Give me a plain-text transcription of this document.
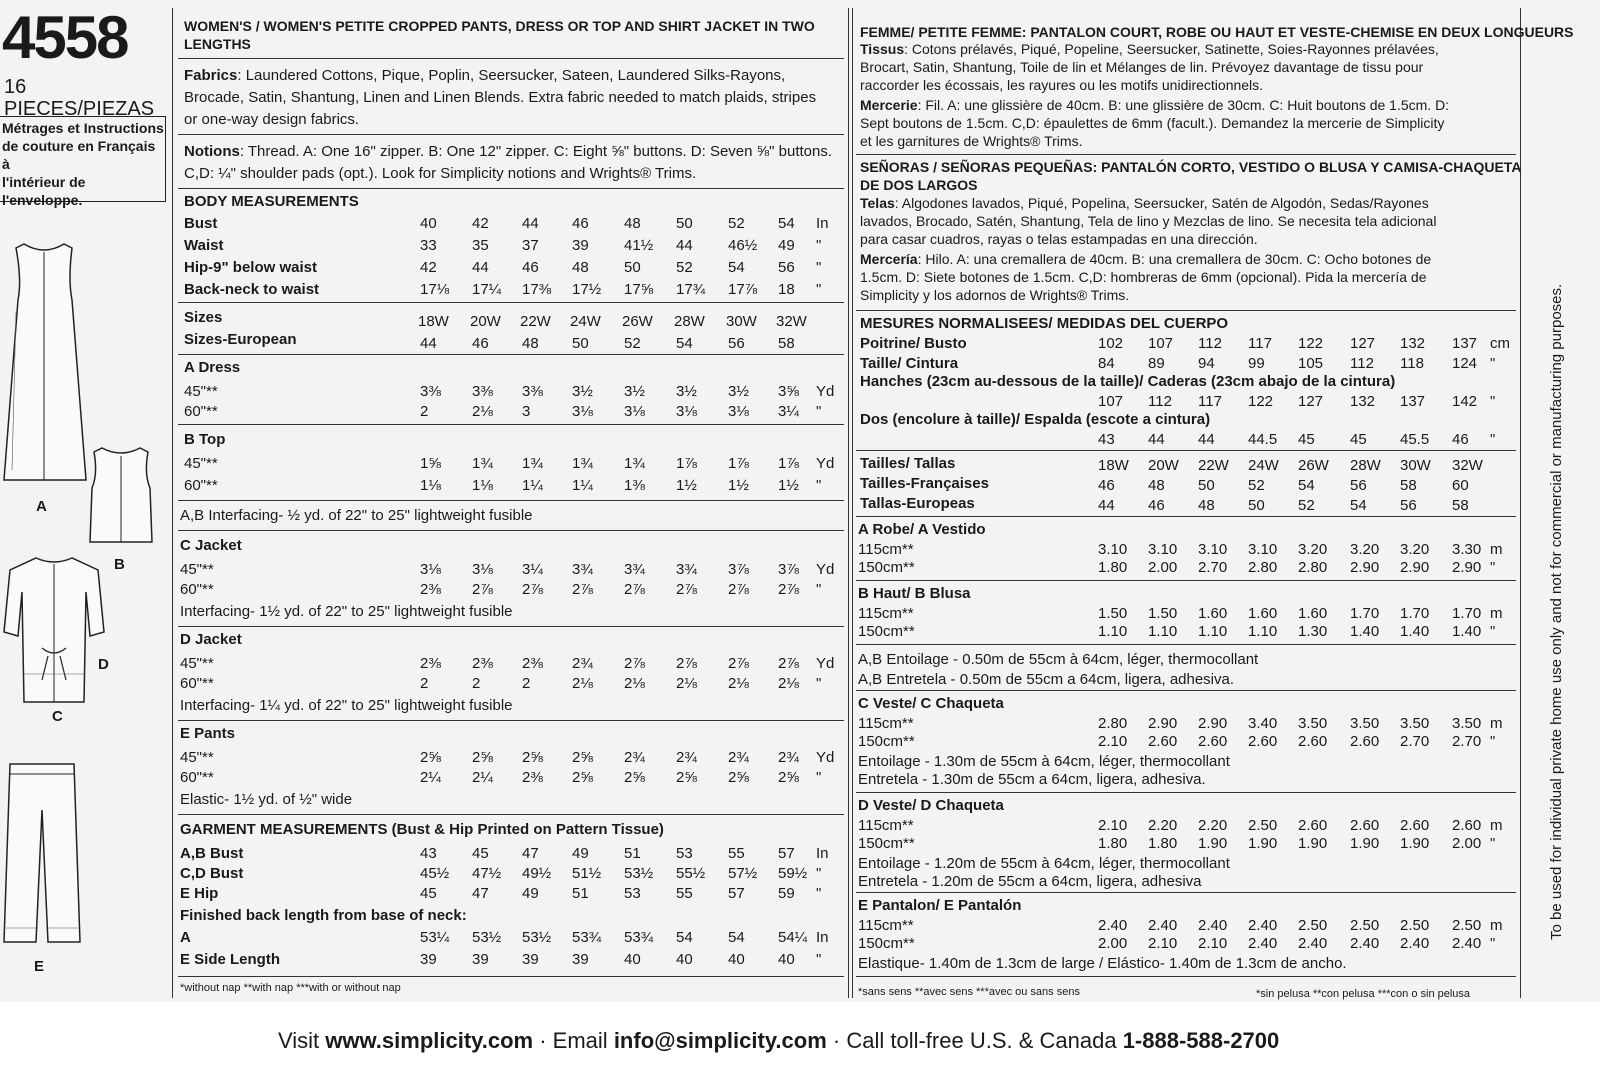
4558
16 PIECES/PIEZAS
Métrages et Instructions
de couture en Français à
l'intérieur de
l'enveloppe.
A
B
D
C
E
WOMEN'S / WOMEN'S PETITE CROPPED PANTS, DRESS OR TOP AND SHIRT JACKET IN TWO
LENGTHS
Fabrics: Laundered Cottons, Pique, Poplin, Seersucker, Sateen, Laundered Silks-Rayons,
Brocade, Satin, Shantung, Linen and Linen Blends. Extra fabric needed to match plaids, stripes
or one-way design fabrics.
Notions: Thread. A: One 16" zipper. B: One 12" zipper. C: Eight ⅝" buttons. D: Seven ⅝" buttons.
C,D: ¼" shoulder pads (opt.). Look for Simplicity notions and Wrights® Trims.
BODY MEASUREMENTS
Bust	40 42 44 46 48 50 52 54 In
Waist	33 35 37 39 41½ 44 46½ 49 "
Hip-9" below waist	42 44 46 48 50 52 54 56 "
Back-neck to waist	17⅛ 17¼ 17⅜ 17½ 17⅝ 17¾ 17⅞ 18 "
Sizes	18W 20W 22W 24W 26W 28W 30W 32W
Sizes-European	44 46 48 50 52 54 56 58
A Dress
45"**	3⅜ 3⅜ 3⅜ 3½ 3½ 3½ 3½ 3⅝ Yd
60"**	2	2⅛ 3	3⅛ 3⅛ 3⅛ 3⅛ 3¼ "
B Top
45"**	1⅝ 1¾ 1¾ 1¾ 1¾ 1⅞ 1⅞ 1⅞ Yd
60"**	1⅛ 1⅛ 1¼ 1¼ 1⅜ 1½ 1½ 1½ "
A,B Interfacing- ½ yd. of 22" to 25" lightweight fusible
C Jacket
45"**	3⅛ 3⅛ 3¼ 3¾ 3¾ 3¾ 3⅞ 3⅞ Yd
60"**	2⅜ 2⅞ 2⅞ 2⅞ 2⅞ 2⅞ 2⅞ 2⅞ "
Interfacing- 1½ yd. of 22" to 25" lightweight fusible
D Jacket
45"**	2⅜ 2⅜ 2⅜ 2¾ 2⅞ 2⅞ 2⅞ 2⅞ Yd
60"**	2	2	2	2⅛ 2⅛ 2⅛ 2⅛ 2⅛ "
Interfacing- 1¼ yd. of 22" to 25" lightweight fusible
E Pants
45"**	2⅝ 2⅝ 2⅝ 2⅝ 2¾ 2¾ 2¾ 2¾ Yd
60"**	2¼ 2¼ 2⅜ 2⅝ 2⅝ 2⅝ 2⅝ 2⅝ "
Elastic- 1½ yd. of ½" wide
GARMENT MEASUREMENTS (Bust & Hip Printed on Pattern Tissue)
A,B Bust	43 45 47 49 51 53 55 57 In
C,D Bust	45½ 47½ 49½ 51½ 53½ 55½ 57½ 59½ "
E Hip	45 47 49 51 53 55 57 59 "
Finished back length from base of neck:
A	53¼ 53½ 53½ 53¾ 53¾ 54 54 54¼ In
E Side Length	39 39 39 39 40 40 40 40 "
*without nap **with nap ***with or without nap
FEMME/ PETITE FEMME: PANTALON COURT, ROBE OU HAUT ET VESTE-CHEMISE EN DEUX LONGUEURS
Tissus: Cotons prélavés, Piqué, Popeline, Seersucker, Satinette, Soies-Rayonnes prélavées,
Brocart, Satin, Shantung, Toile de lin et Mélanges de lin. Prévoyez davantage de tissu pour
raccorder les écossais, les rayures ou les motifs unidirectionnels.
Mercerie: Fil. A: une glissière de 40cm. B: une glissière de 30cm. C: Huit boutons de 1.5cm. D:
Sept boutons de 1.5cm. C,D: épaulettes de 6mm (facult.). Demandez la mercerie de Simplicity
et les garnitures de Wrights® Trims.
SEÑORAS / SEÑORAS PEQUEÑAS: PANTALÓN CORTO, VESTIDO O BLUSA Y CAMISA-CHAQUETA
DE DOS LARGOS
Telas: Algodones lavados, Piqué, Popelina, Seersucker, Satén de Algodón, Sedas/Rayones
lavados, Brocado, Satén, Shantung, Tela de lino y Mezclas de lino. Se necesita tela adicional
para casar cuadros, rayas o telas estampadas en una dirección.
Mercería: Hilo. A: una cremallera de 40cm. B: una cremallera de 30cm. C: Ocho botones de
1.5cm. D: Siete botones de 1.5cm. C,D: hombreras de 6mm (opcional). Pida la mercería de
Simplicity y los adornos de Wrights® Trims.
MESURES NORMALISEES/ MEDIDAS DEL CUERPO
Poitrine/ Busto	102 107 112 117 122 127 132 137 cm
Taille/ Cintura	84 89 94 99 105 112 118 124 "
Hanches (23cm au-dessous de la taille)/ Caderas (23cm abajo de la cintura)
107 112 117 122 127 132 137 142 "
Dos (encolure à taille)/ Espalda (escote a cintura)
43 44 44 44.5 45 45 45.5 46 "
Tailles/ Tallas	18W 20W 22W 24W 26W 28W 30W 32W
Tailles-Françaises	46 48 50 52 54 56 58 60
Tallas-Europeas	44 46 48 50 52 54 56 58
A Robe/ A Vestido
115cm**	3.10 3.10 3.10 3.10 3.20 3.20 3.20 3.30 m
150cm**	1.80 2.00 2.70 2.80 2.80 2.90 2.90 2.90 "
B Haut/ B Blusa
115cm**	1.50 1.50 1.60 1.60 1.60 1.70 1.70 1.70 m
150cm**	1.10 1.10 1.10 1.10 1.30 1.40 1.40 1.40 "
A,B Entoilage - 0.50m de 55cm à 64cm, léger, thermocollant
A,B Entretela - 0.50m de 55cm a 64cm, ligera, adhesiva.
C Veste/ C Chaqueta
115cm**	2.80 2.90 2.90 3.40 3.50 3.50 3.50 3.50 m
150cm**	2.10 2.60 2.60 2.60 2.60 2.60 2.70 2.70 "
Entoilage - 1.30m de 55cm à 64cm, léger, thermocollant
Entretela - 1.30m de 55cm a 64cm, ligera, adhesiva.
D Veste/ D Chaqueta
115cm**	2.10 2.20 2.20 2.50 2.60 2.60 2.60 2.60 m
150cm**	1.80 1.80 1.90 1.90 1.90 1.90 1.90 2.00 "
Entoilage - 1.20m de 55cm à 64cm, léger, thermocollant
Entretela - 1.20m de 55cm a 64cm, ligera, adhesiva
E Pantalon/ E Pantalón
115cm**	2.40 2.40 2.40 2.40 2.50 2.50 2.50 2.50 m
150cm**	2.00 2.10 2.10 2.40 2.40 2.40 2.40 2.40 "
Elastique- 1.40m de 1.3cm de large / Elástico- 1.40m de 1.3cm de ancho.
*sans sens **avec sens ***avec ou sans sens	*sin pelusa **con pelusa ***con o sin pelusa
To be used for individual private home use only and not for commercial or manufacturing purposes.
Visit www.simplicity.com · Email info@simplicity.com · Call toll-free U.S. & Canada 1-888-588-2700
